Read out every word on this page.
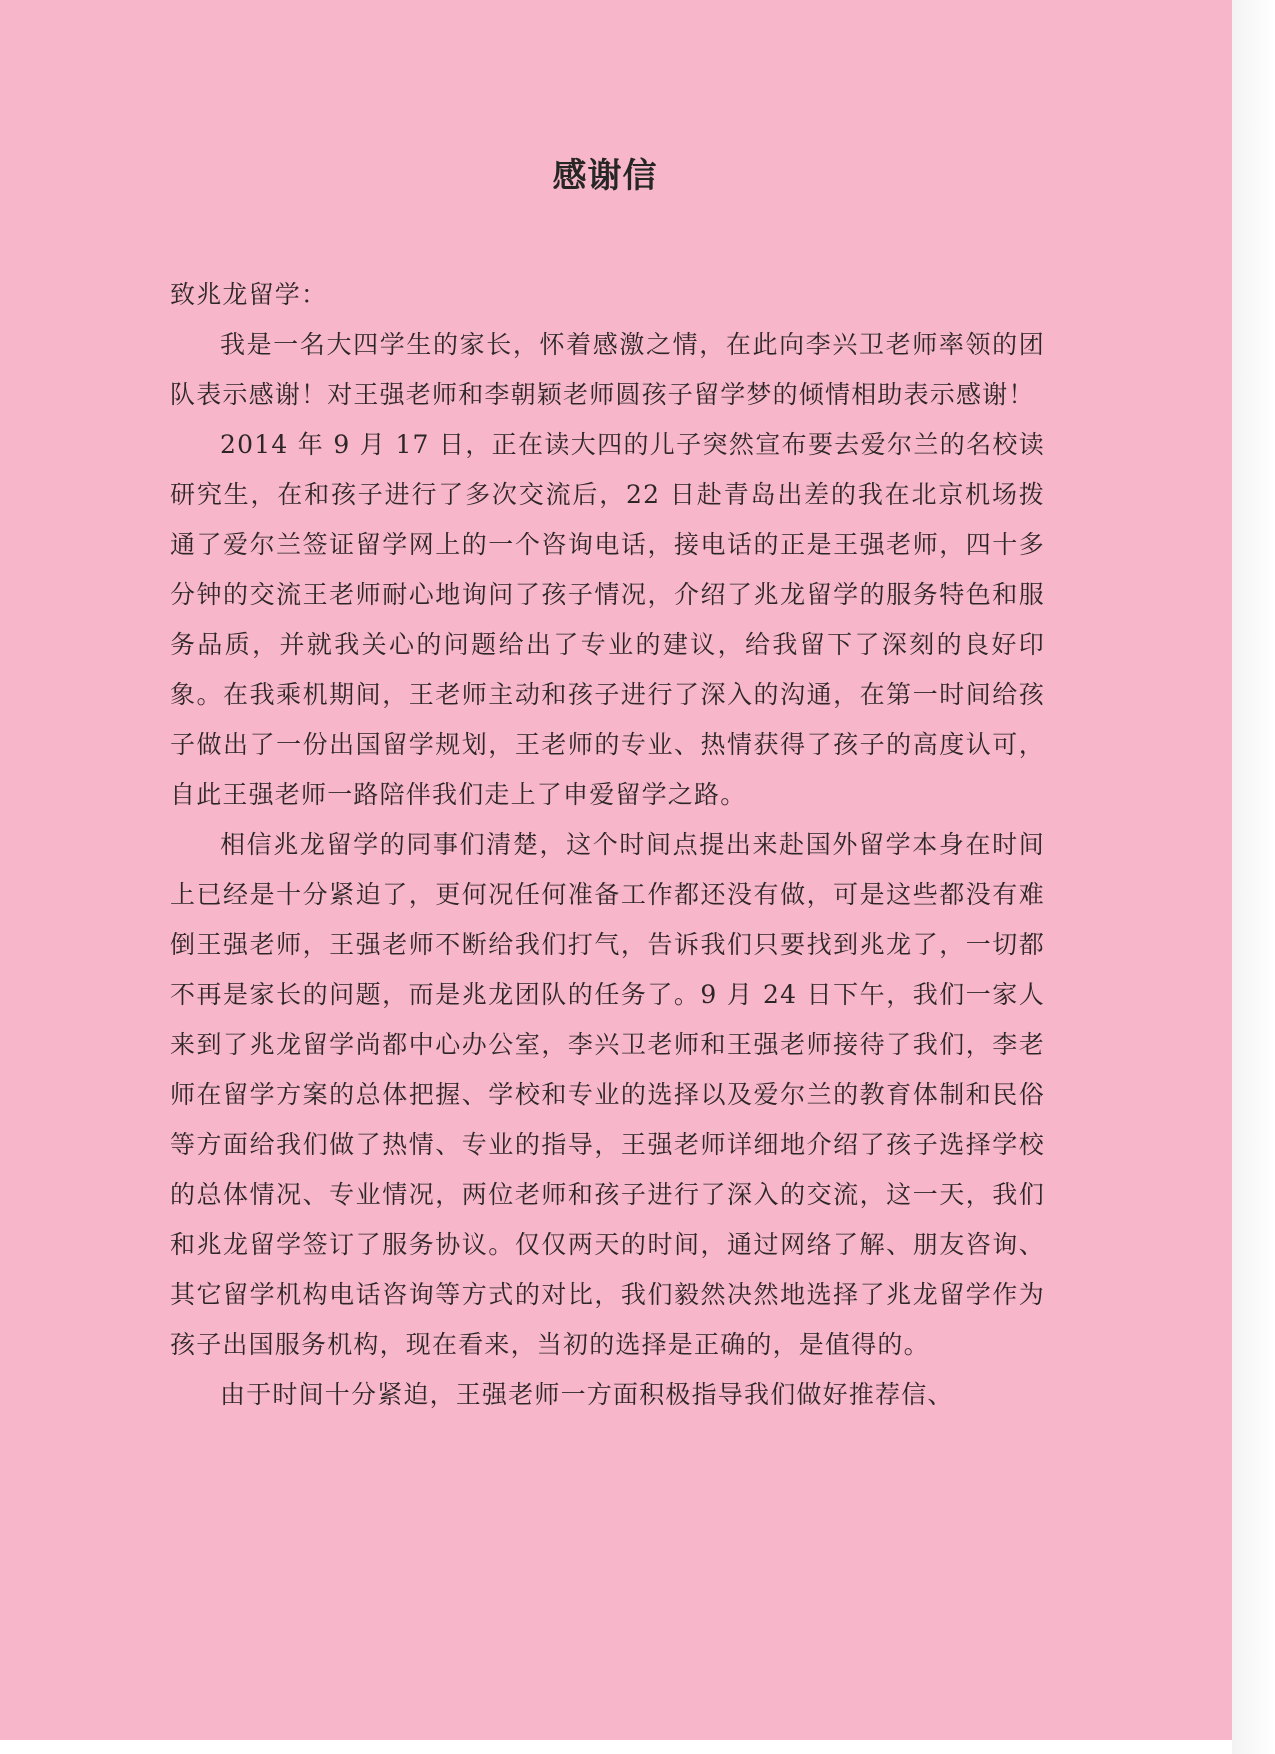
感谢信

致兆龙留学：

我是一名大四学生的家长，怀着感激之情，在此向李兴卫老师率领的团队表示感谢！对王强老师和李朝颖老师圆孩子留学梦的倾情相助表示感谢！

2014 年 9 月 17 日，正在读大四的儿子突然宣布要去爱尔兰的名校读研究生，在和孩子进行了多次交流后，22 日赴青岛出差的我在北京机场拨通了爱尔兰签证留学网上的一个咨询电话，接电话的正是王强老师，四十多分钟的交流王老师耐心地询问了孩子情况，介绍了兆龙留学的服务特色和服务品质，并就我关心的问题给出了专业的建议，给我留下了深刻的良好印象。在我乘机期间，王老师主动和孩子进行了深入的沟通，在第一时间给孩子做出了一份出国留学规划，王老师的专业、热情获得了孩子的高度认可，自此王强老师一路陪伴我们走上了申爱留学之路。

相信兆龙留学的同事们清楚，这个时间点提出来赴国外留学本身在时间上已经是十分紧迫了，更何况任何准备工作都还没有做，可是这些都没有难倒王强老师，王强老师不断给我们打气，告诉我们只要找到兆龙了，一切都不再是家长的问题，而是兆龙团队的任务了。9 月 24 日下午，我们一家人来到了兆龙留学尚都中心办公室，李兴卫老师和王强老师接待了我们，李老师在留学方案的总体把握、学校和专业的选择以及爱尔兰的教育体制和民俗等方面给我们做了热情、专业的指导，王强老师详细地介绍了孩子选择学校的总体情况、专业情况，两位老师和孩子进行了深入的交流，这一天，我们和兆龙留学签订了服务协议。仅仅两天的时间，通过网络了解、朋友咨询、其它留学机构电话咨询等方式的对比，我们毅然决然地选择了兆龙留学作为孩子出国服务机构，现在看来，当初的选择是正确的，是值得的。

由于时间十分紧迫，王强老师一方面积极指导我们做好推荐信、
